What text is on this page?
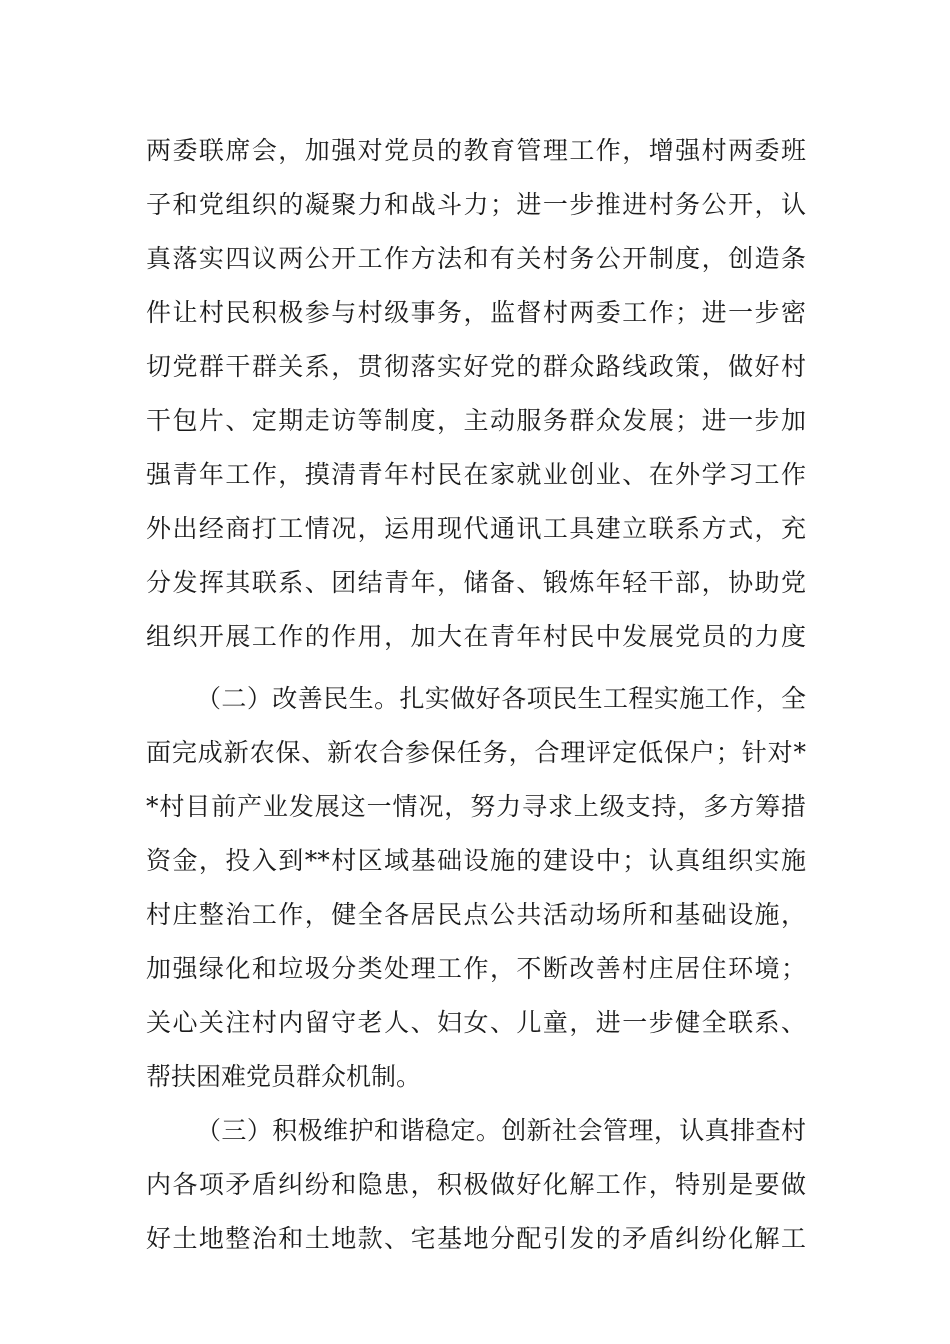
两委联席会，加强对党员的教育管理工作，增强村两委班
子和党组织的凝聚力和战斗力；进一步推进村务公开，认
真落实四议两公开工作方法和有关村务公开制度，创造条
件让村民积极参与村级事务，监督村两委工作；进一步密
切党群干群关系，贯彻落实好党的群众路线政策，做好村
干包片、定期走访等制度，主动服务群众发展；进一步加
强青年工作，摸清青年村民在家就业创业、在外学习工作
外出经商打工情况，运用现代通讯工具建立联系方式，充
分发挥其联系、团结青年，储备、锻炼年轻干部，协助党
组织开展工作的作用，加大在青年村民中发展党员的力度
（二）改善民生。扎实做好各项民生工程实施工作，全
面完成新农保、新农合参保任务，合理评定低保户；针对*
*村目前产业发展这一情况，努力寻求上级支持，多方筹措
资金，投入到**村区域基础设施的建设中；认真组织实施
村庄整治工作，健全各居民点公共活动场所和基础设施，
加强绿化和垃圾分类处理工作，不断改善村庄居住环境；
关心关注村内留守老人、妇女、儿童，进一步健全联系、
帮扶困难党员群众机制。
（三）积极维护和谐稳定。创新社会管理，认真排查村
内各项矛盾纠纷和隐患，积极做好化解工作，特别是要做
好土地整治和土地款、宅基地分配引发的矛盾纠纷化解工
